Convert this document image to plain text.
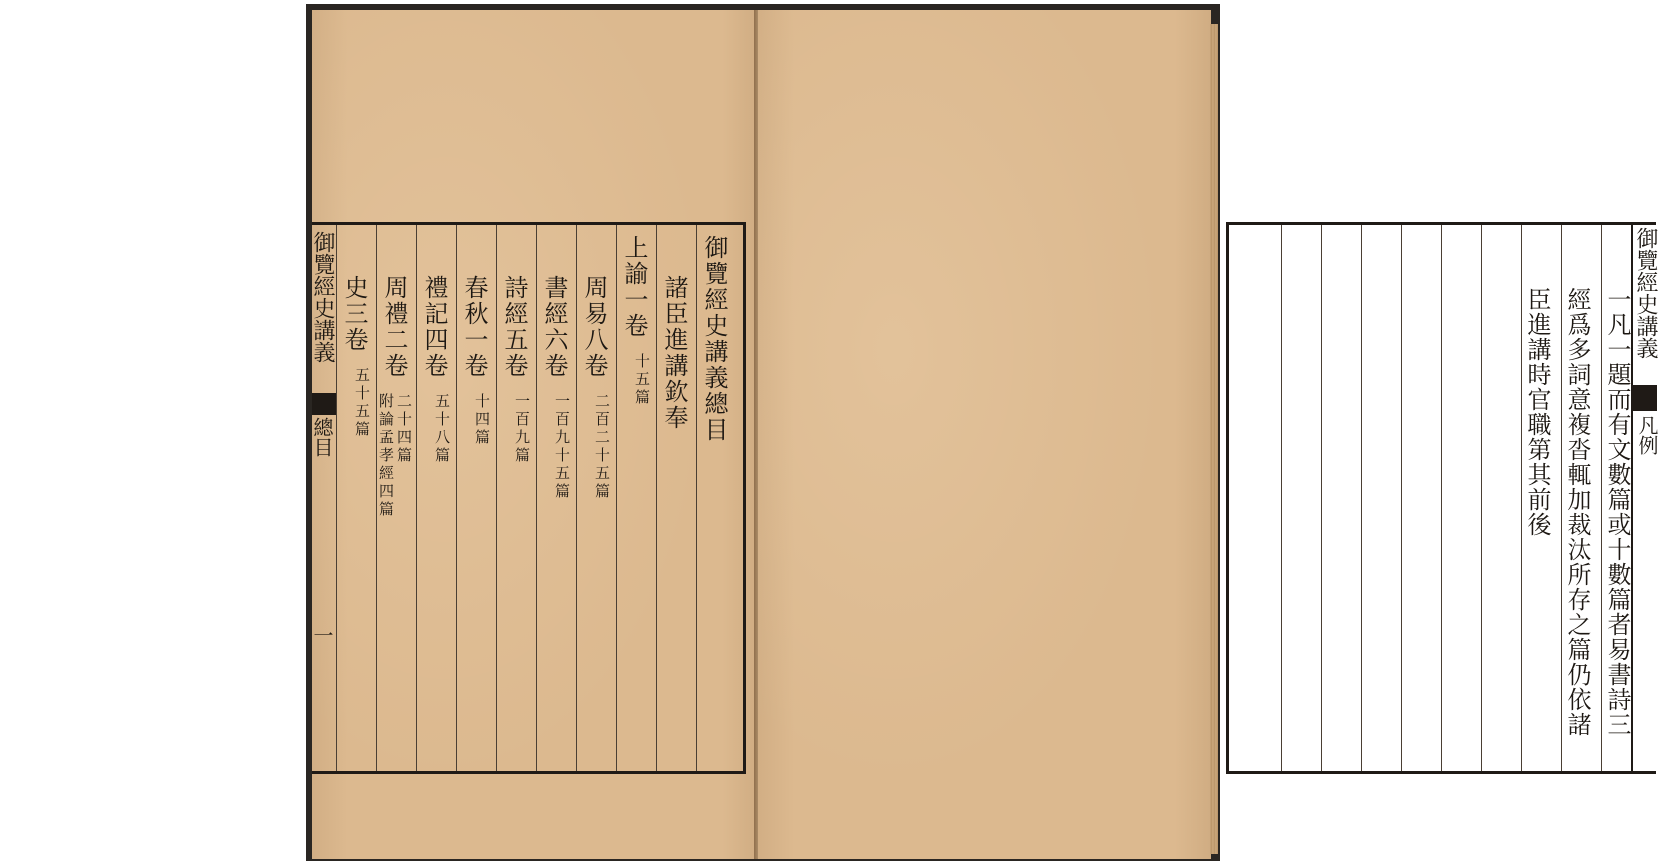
御覽經史講義
總目
一
御覽經史講義總目
諸臣進講欽奉
上諭一卷
十五篇
周易八卷
二百二十五篇
書經六卷
一百九十五篇
詩經五卷
一百九篇
春秋一卷
十四篇
禮記四卷
五十八篇
周禮二卷
二十四篇
附論孟孝經四篇
史三卷
五十五篇
御覽經史講義
凡例
一凡一題而有文數篇或十數篇者易書詩三
經爲多詞意複沓輒加裁汰所存之篇仍依諸
臣進講時官職第其前後
